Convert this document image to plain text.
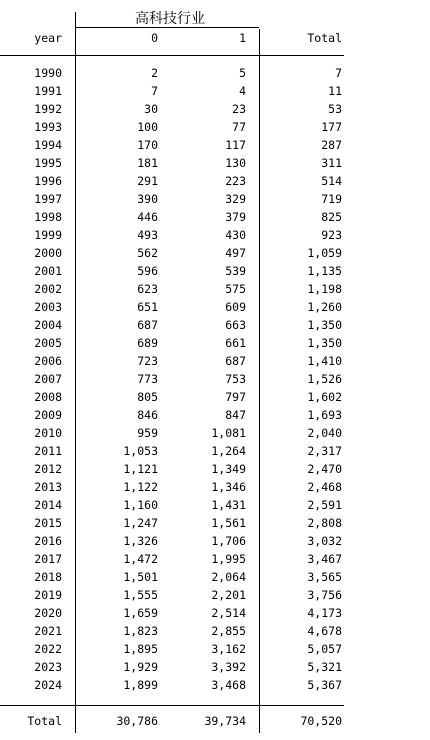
高科技行业
year	0	1	Total
1990	2	5	7
1991	7	4	11
1992	30	23	53
1993	100	77	177
1994	170	117	287
1995	181	130	311
1996	291	223	514
1997	390	329	719
1998	446	379	825
1999	493	430	923
2000	562	497	1,059
2001	596	539	1,135
2002	623	575	1,198
2003	651	609	1,260
2004	687	663	1,350
2005	689	661	1,350
2006	723	687	1,410
2007	773	753	1,526
2008	805	797	1,602
2009	846	847	1,693
2010	959	1,081	2,040
2011	1,053	1,264	2,317
2012	1,121	1,349	2,470
2013	1,122	1,346	2,468
2014	1,160	1,431	2,591
2015	1,247	1,561	2,808
2016	1,326	1,706	3,032
2017	1,472	1,995	3,467
2018	1,501	2,064	3,565
2019	1,555	2,201	3,756
2020	1,659	2,514	4,173
2021	1,823	2,855	4,678
2022	1,895	3,162	5,057
2023	1,929	3,392	5,321
2024	1,899	3,468	5,367
Total	30,786	39,734	70,520
